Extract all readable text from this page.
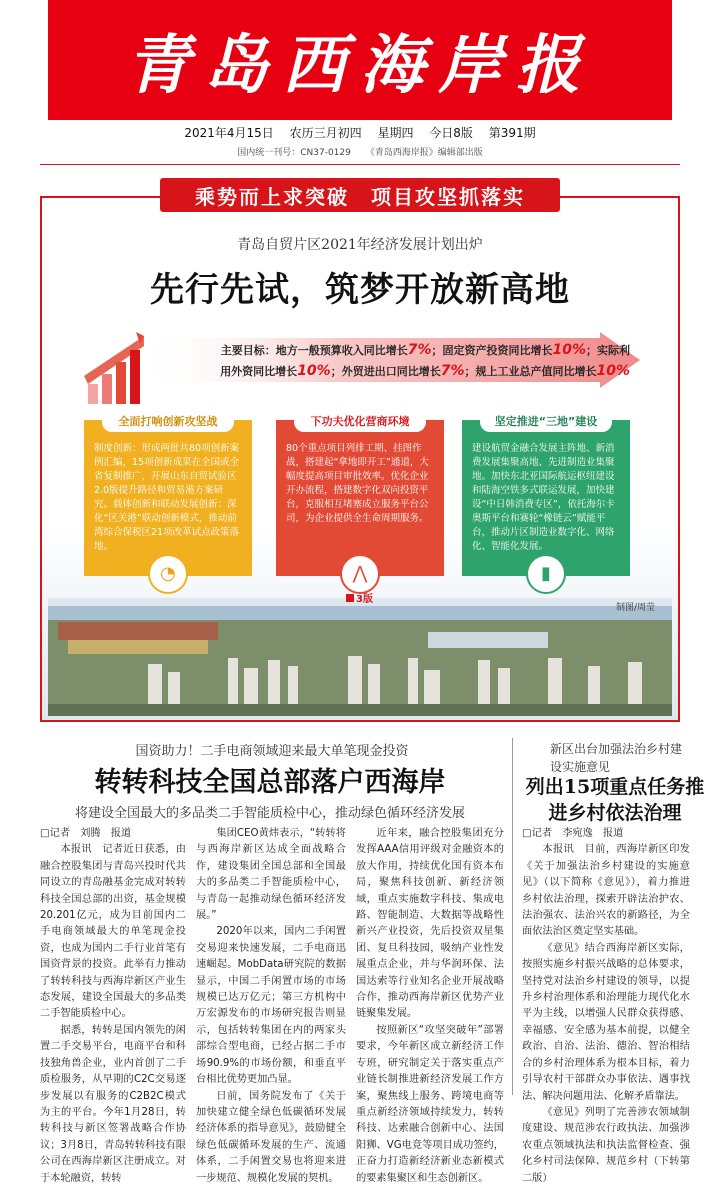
青岛西海岸报
2021年4月15日 农历三月初四 星期四 今日8版 第391期
国内统一刊号：CN37-0129 《青岛西海岸报》编辑部出版
乘势而上求突破　项目攻坚抓落实
青岛自贸片区2021年经济发展计划出炉
先行先试，筑梦开放新高地
主要目标：地方一般预算收入同比增长7%；固定资产投资同比增长10%；实际利
用外资同比增长10%；外贸进出口同比增长7%；规上工业总产值同比增长10%
全面打响创新攻坚战
制度创新：形成两批共80项创新案例汇编，15项创新成果在全国或全省复制推广，开展山东自贸试验区2.0版提升路径和贸易港方案研究。载体创新和联动发展创新：深化“区关港”联动创新模式，推动前湾综合保税区21项改革试点政策落地。
◔
下功夫优化营商环境
80个重点项目列排工期、挂图作战，搭建起“拿地即开工”通道，大幅度提高项目审批效率。优化企业开办流程，搭建数字化双向投资平台，克服相互堵塞成立服务平台公司，为企业提供全生命周期服务。
⋀
坚定推进“三地”建设
建设航贸金融合发展主阵地、新消费发展集聚高地、先进制造业集聚地。加快东北亚国际航运枢纽建设和陆海空铁多式联运发展，加快建设“中日韩消费专区”，依托海尔卡奥斯平台和赛轮“橡链云”赋能平台，推动片区制造业数字化、网络化、智能化发展。
▮
3版
制图/周莹
国资助力！二手电商领域迎来最大单笔现金投资
转转科技全国总部落户西海岸
将建设全国最大的多品类二手智能质检中心，推动绿色循环经济发展

□记者　刘腾　报道

本报讯　记者近日获悉，由融合控股集团与青岛兴投时代共同设立的青岛融基金完成对转转科技全国总部的出资，基金规模20.201亿元，成为目前国内二手电商领域最大的单笔现金投资，也成为国内二手行业首笔有国资背景的投资。此举有力推动了转转科技与西海岸新区产业生态发展，建设全国最大的多品类二手智能质检中心。

据悉，转转是国内领先的闲置二手交易平台，电商平台和科技独角兽企业，业内首创了二手质检服务，从早期的C2C交易逐步发展以有服务的C2B2C模式为主的平台。今年1月28日，转转科技与新区签署战略合作协议；3月8日，青岛转转科技有限公司在西海岸新区注册成立。对于本轮融资，转转

集团CEO黄炜表示，“转转将与西海岸新区达成全面战略合作，建设集团全国总部和全国最大的多品类二手智能质检中心，与青岛一起推动绿色循环经济发展。”

2020年以来，国内二手闲置交易迎来快速发展，二手电商迅速崛起。MobData研究院的数据显示，中国二手闲置市场的市场规模已达万亿元；第三方机构中万宏源发布的市场研究报告则显示，包括转转集团在内的两家头部综合型电商，已经占据二手市场90.9%的市场份额，和垂直平台相比优势更加凸显。

日前，国务院发布了《关于加快建立健全绿色低碳循环发展经济体系的指导意见》，鼓励健全绿色低碳循环发展的生产、流通体系，二手闲置交易也将迎来进一步规范、规模化发展的契机。

近年来，融合控股集团充分发挥AAA信用评级对金融资本的放大作用，持续优化国有资本布局，聚焦科技创新、新经济领域，重点实施数字科技、集成电路、智能制造、大数据等战略性新兴产业投资，先后投资双星集团、复旦科技园，吸纳产业性发展重点企业，并与华润环保、法国达索等行业知名企业开展战略合作，推动西海岸新区优势产业链聚集发展。

按照新区“攻坚突破年”部署要求，今年新区成立新经济工作专班，研究制定关于落实重点产业链长制推进新经济发展工作方案，聚焦线上服务、跨境电商等重点新经济领域持续发力，转转科技、达索融合创新中心、法国阳狮、VG电竞等项目成功签约，正奋力打造新经济新业态新模式的要素集聚区和生态创新区。

新区出台加强法治乡村建设实施意见
列出15项重点任务推进乡村依法治理

□记者　李宛逸　报道

本报讯　目前，西海岸新区印发《关于加强法治乡村建设的实施意见》（以下简称《意见》），着力推进乡村依法治理，探索开辟法治护农、法治强农、法治兴农的新路径，为全面依法治区奠定坚实基础。

《意见》结合西海岸新区实际，按照实施乡村振兴战略的总体要求，坚持党对法治乡村建设的领导，以提升乡村治理体系和治理能力现代化水平为主线，以增强人民群众获得感、幸福感、安全感为基本前提，以健全政治、自治、法治、德治、智治相结合的乡村治理体系为根本目标，着力引导农村干部群众办事依法、遇事找法、解决问题用法、化解矛盾靠法。

《意见》列明了完善涉农领域制度建设、规范涉农行政执法、加强涉农重点领域执法和执法监督检查、强化乡村司法保障、规范乡村（下转第二版）
